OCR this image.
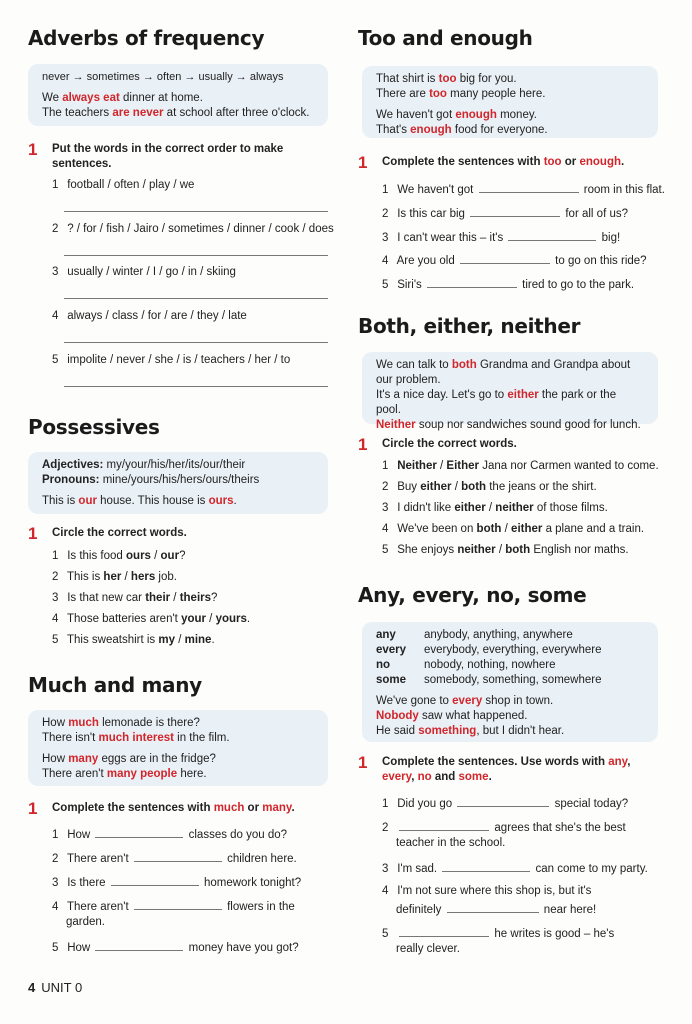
Adverbs of frequency
never → sometimes → often → usually → always
We always eat dinner at home.
The teachers are never at school after three o'clock.
1	Put the words in the correct order to make sentences.
1 football / often / play / we
2 ? / for / fish / Jairo / sometimes / dinner / cook / does
3 usually / winter / I / go / in / skiing
4 always / class / for / are / they / late
5 impolite / never / she / is / teachers / her / to
Possessives
Adjectives: my/your/his/her/its/our/their
Pronouns: mine/yours/his/hers/ours/theirs
This is our house. This house is ours.
1	Circle the correct words.
1 Is this food ours / our?
2 This is her / hers job.
3 Is that new car their / theirs?
4 Those batteries aren't your / yours.
5 This sweatshirt is my / mine.
Much and many
How much lemonade is there?
There isn't much interest in the film.
How many eggs are in the fridge?
There aren't many people here.
1	Complete the sentences with much or many.
1 How	classes do you do?
2 There aren't	children here.
3 Is there	homework tonight?
4 There aren't	flowers in the
garden.
5 How	money have you got?
Too and enough
That shirt is too big for you.
There are too many people here.
We haven't got enough money.
That's enough food for everyone.
1	Complete the sentences with too or enough.
1 We haven't got	room in this flat.
2 Is this car big	for all of us?
3 I can't wear this – it's	big!
4 Are you old	to go on this ride?
5 Siri's	tired to go to the park.
Both, either, neither
We can talk to both Grandma and Grandpa about
our problem.
It's a nice day. Let's go to either the park or the pool.
Neither soup nor sandwiches sound good for lunch.
1	Circle the correct words.
1 Neither / Either Jana nor Carmen wanted to come.
2 Buy either / both the jeans or the shirt.
3 I didn't like either / neither of those films.
4 We've been on both / either a plane and a train.
5 She enjoys neither / both English nor maths.
Any, every, no, some
any	anybody, anything, anywhere
every	everybody, everything, everywhere
no	nobody, nothing, nowhere
some	somebody, something, somewhere
We've gone to every shop in town.
Nobody saw what happened.
He said something, but I didn't hear.
1	Complete the sentences. Use words with any,
every, no and some.
1 Did you go	special today?
2	agrees that she's the best
teacher in the school.
3 I'm sad.	can come to my party.
4 I'm not sure where this shop is, but it's
definitely	near here!
5	he writes is good – he's
really clever.
4 UNIT 0
